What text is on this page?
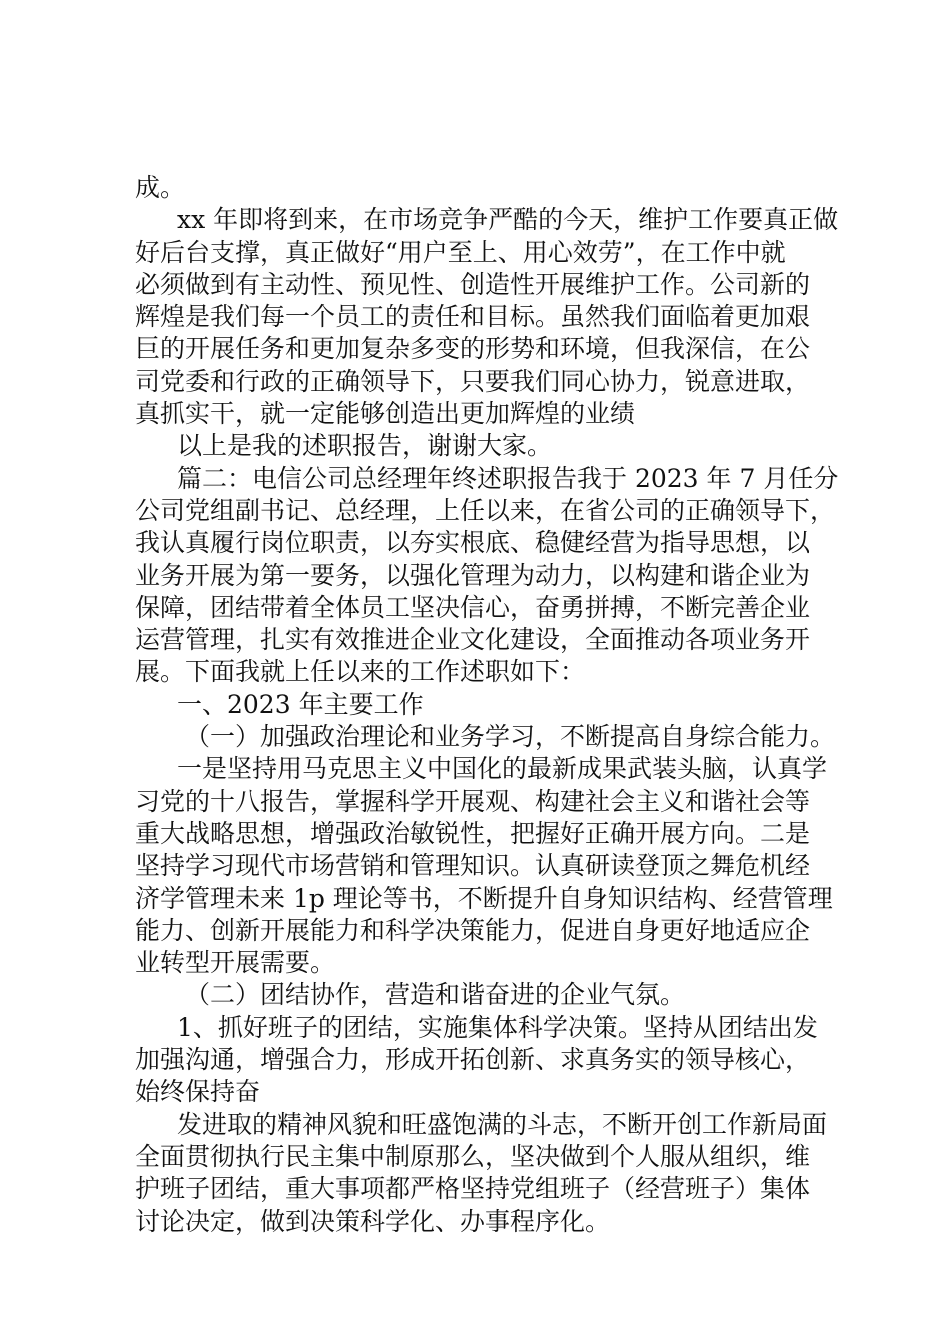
成。
xx 年即将到来，在市场竞争严酷的今天，维护工作要真正做
好后台支撑，真正做好“用户至上、用心效劳”，在工作中就
必须做到有主动性、预见性、创造性开展维护工作。公司新的
辉煌是我们每一个员工的责任和目标。虽然我们面临着更加艰
巨的开展任务和更加复杂多变的形势和环境，但我深信，在公
司党委和行政的正确领导下，只要我们同心协力，锐意进取，
真抓实干，就一定能够创造出更加辉煌的业绩
以上是我的述职报告，谢谢大家。
篇二：电信公司总经理年终述职报告我于 2023 年 7 月任分
公司党组副书记、总经理，上任以来，在省公司的正确领导下，
我认真履行岗位职责，以夯实根底、稳健经营为指导思想，以
业务开展为第一要务，以强化管理为动力，以构建和谐企业为
保障，团结带着全体员工坚决信心，奋勇拼搏，不断完善企业
运营管理，扎实有效推进企业文化建设，全面推动各项业务开
展。下面我就上任以来的工作述职如下：
一、2023 年主要工作
（一）加强政治理论和业务学习，不断提高自身综合能力。
一是坚持用马克思主义中国化的最新成果武装头脑，认真学
习党的十八报告，掌握科学开展观、构建社会主义和谐社会等
重大战略思想，增强政治敏锐性，把握好正确开展方向。二是
坚持学习现代市场营销和管理知识。认真研读登顶之舞危机经
济学管理未来 1p 理论等书，不断提升自身知识结构、经营管理
能力、创新开展能力和科学决策能力，促进自身更好地适应企
业转型开展需要。
（二）团结协作，营造和谐奋进的企业气氛。
1、抓好班子的团结，实施集体科学决策。坚持从团结出发
加强沟通，增强合力，形成开拓创新、求真务实的领导核心，
始终保持奋
发进取的精神风貌和旺盛饱满的斗志，不断开创工作新局面
全面贯彻执行民主集中制原那么，坚决做到个人服从组织，维
护班子团结，重大事项都严格坚持党组班子（经营班子）集体
讨论决定，做到决策科学化、办事程序化。
